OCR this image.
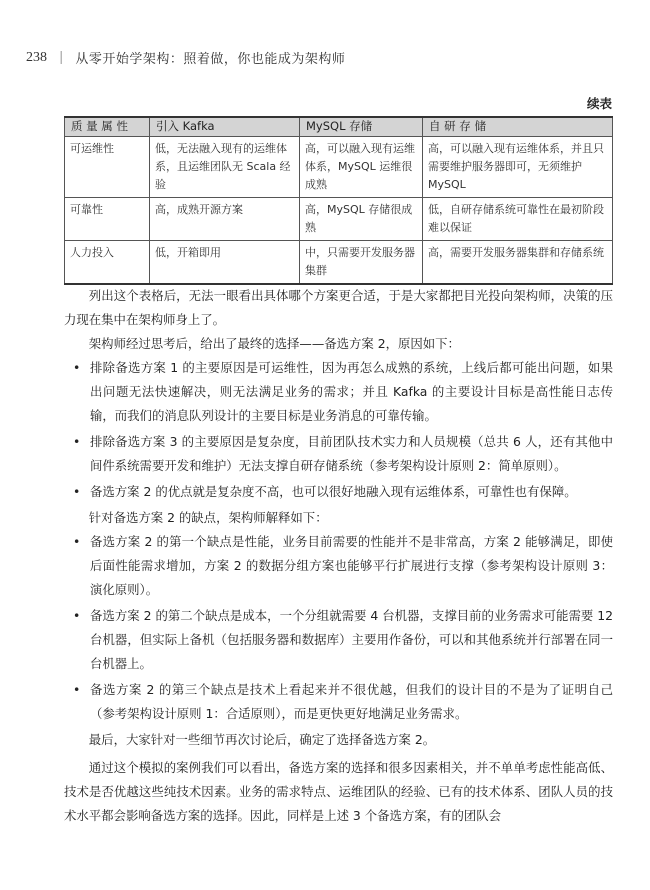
238 | 从零开始学架构：照着做，你也能成为架构师
续表
质 量 属 性	引入 Kafka	MySQL 存储	自 研 存 储
可运维性	低，无法融入现有的运维体系，且运维团队无 Scala 经验	高，可以融入现有运维体系，MySQL 运维很成熟	高，可以融入现有运维体系，并且只需要维护服务器即可，无须维护 MySQL
可靠性	高，成熟开源方案	高，MySQL 存储很成熟	低，自研存储系统可靠性在最初阶段难以保证
人力投入	低，开箱即用	中，只需要开发服务器集群	高，需要开发服务器集群和存储系统

列出这个表格后，无法一眼看出具体哪个方案更合适，于是大家都把目光投向架构师，决策的压力现在集中在架构师身上了。

架构师经过思考后，给出了最终的选择——备选方案 2，原因如下：

• 排除备选方案 1 的主要原因是可运维性，因为再怎么成熟的系统，上线后都可能出问题，如果出问题无法快速解决，则无法满足业务的需求；并且 Kafka 的主要设计目标是高性能日志传输，而我们的消息队列设计的主要目标是业务消息的可靠传输。
• 排除备选方案 3 的主要原因是复杂度，目前团队技术实力和人员规模（总共 6 人，还有其他中间件系统需要开发和维护）无法支撑自研存储系统（参考架构设计原则 2：简单原则）。
• 备选方案 2 的优点就是复杂度不高，也可以很好地融入现有运维体系，可靠性也有保障。

针对备选方案 2 的缺点，架构师解释如下：

• 备选方案 2 的第一个缺点是性能，业务目前需要的性能并不是非常高，方案 2 能够满足，即使后面性能需求增加，方案 2 的数据分组方案也能够平行扩展进行支撑（参考架构设计原则 3：演化原则）。
• 备选方案 2 的第二个缺点是成本，一个分组就需要 4 台机器，支撑目前的业务需求可能需要 12 台机器，但实际上备机（包括服务器和数据库）主要用作备份，可以和其他系统并行部署在同一台机器上。
• 备选方案 2 的第三个缺点是技术上看起来并不很优越，但我们的设计目的不是为了证明自己（参考架构设计原则 1：合适原则），而是更快更好地满足业务需求。

最后，大家针对一些细节再次讨论后，确定了选择备选方案 2。

通过这个模拟的案例我们可以看出，备选方案的选择和很多因素相关，并不单单考虑性能高低、技术是否优越这些纯技术因素。业务的需求特点、运维团队的经验、已有的技术体系、团队人员的技术水平都会影响备选方案的选择。因此，同样是上述 3 个备选方案，有的团队会
